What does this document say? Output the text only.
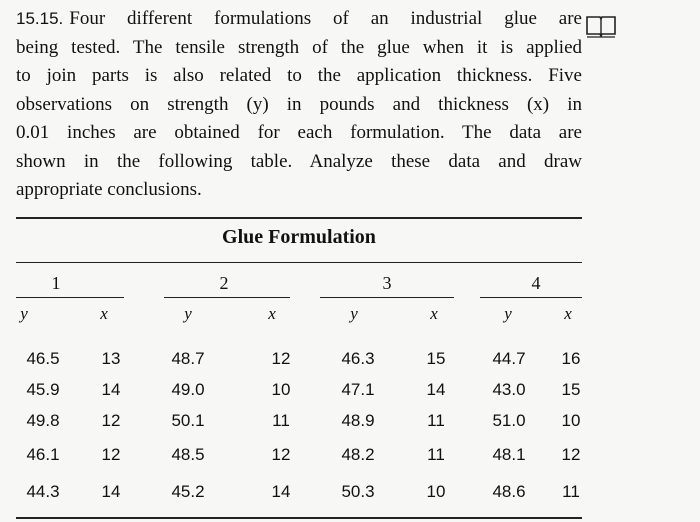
15.15. Four different formulations of an industrial glue are
being tested. The tensile strength of the glue when it is applied
to join parts is also related to the application thickness. Five
observations on strength (y) in pounds and thickness (x) in
0.01 inches are obtained for each formulation. The data are
shown in the following table. Analyze these data and draw
appropriate conclusions.
Glue Formulation
1	2	3	4
y	x	y	x	y	x	y	x
46.5	13	48.7	12	46.3	15	44.7	16
45.9	14	49.0	10	47.1	14	43.0	15
49.8	12	50.1	11	48.9	11	51.0	10
46.1	12	48.5	12	48.2	11	48.1	12
44.3	14	45.2	14	50.3	10	48.6	11
